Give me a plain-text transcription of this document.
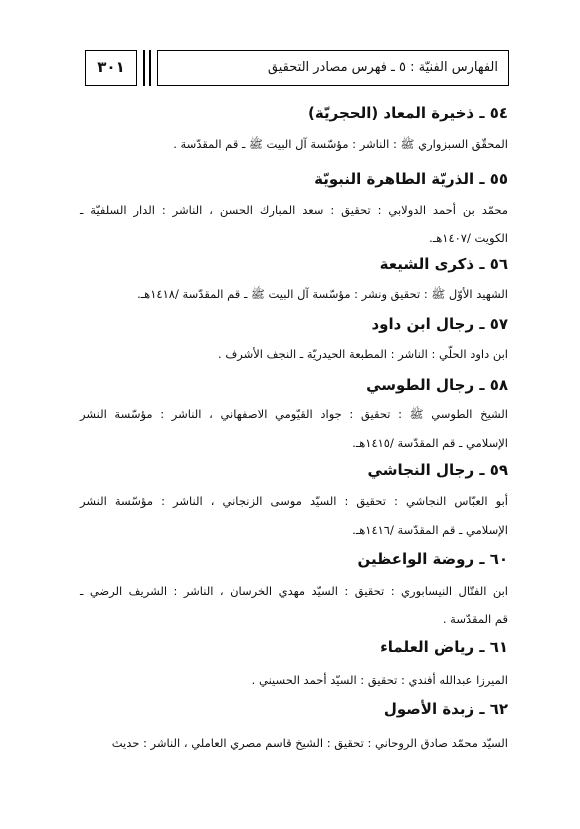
الفهارس الفنيّة : ٥ ـ فهرس مصادر التحقيق
٣٠١
٥٤ ـ ذخيرة المعاد (الحجريّة)
المحقّق السبزواري ﷺ : الناشر : مؤسّسة آل البيت ﷺ ـ قم المقدّسة .
٥٥ ـ الذريّة الطاهرة النبويّة
محمّد بن أحمد الدولابي : تحقيق : سعد المبارك الحسن ، الناشر : الدار السلفيّة ـ
الكويت /١٤٠٧هـ.
٥٦ ـ ذكرى الشيعة
الشهيد الأوّل ﷺ : تحقيق ونشر : مؤسّسة آل البيت ﷺ ـ قم المقدّسة /١٤١٨هـ.
٥٧ ـ رجال ابن داود
ابن داود الحلّي : الناشر : المطبعة الحيدريّة ـ النجف الأشرف .
٥٨ ـ رجال الطوسي
الشيخ الطوسي ﷺ : تحقيق : جواد القيّومي الاصفهاني ، الناشر : مؤسّسة النشر
الإسلامي ـ قم المقدّسة /١٤١٥هـ.
٥٩ ـ رجال النجاشي
أبو العبّاس النجاشي : تحقيق : السيّد موسى الزنجاني ، الناشر : مؤسّسة النشر
الإسلامي ـ قم المقدّسة /١٤١٦هـ.
٦٠ ـ روضة الواعظين
ابن الفتّال النيسابوري : تحقيق : السيّد مهدي الخرسان ، الناشر : الشريف الرضي ـ
قم المقدّسة .
٦١ ـ رياض العلماء
الميرزا عبدالله أفندي : تحقيق : السيّد أحمد الحسيني .
٦٢ ـ زبدة الأصول
السيّد محمّد صادق الروحاني : تحقيق : الشيخ قاسم مصري العاملي ، الناشر : حديث
